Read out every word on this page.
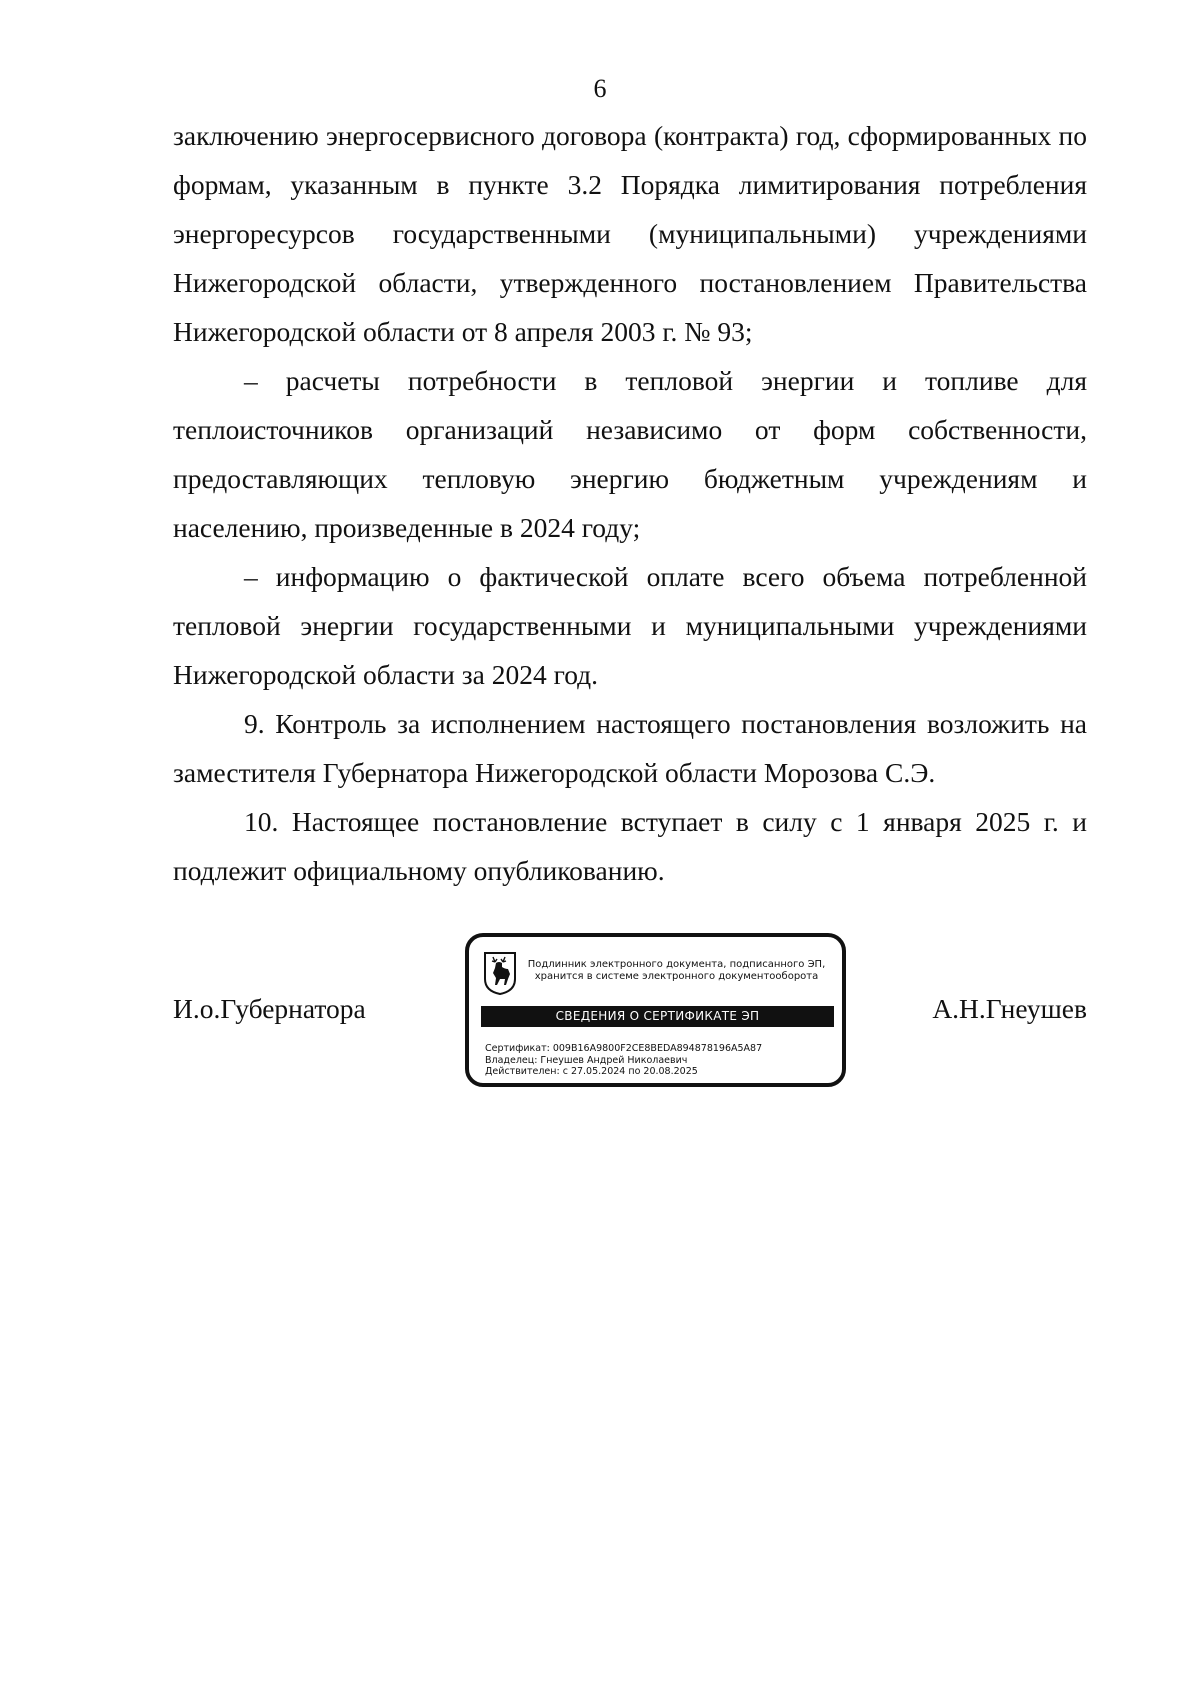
6

заключению энергосервисного договора (контракта) год, сформированных по формам, указанным в пункте 3.2 Порядка лимитирования потребления энергоресурсов государственными (муниципальными) учреждениями Нижегородской области, утвержденного постановлением Правительства Нижегородской области от 8 апреля 2003 г. № 93;

– расчеты потребности в тепловой энергии и топливе для теплоисточников организаций независимо от форм собственности, предоставляющих тепловую энергию бюджетным учреждениям и населению, произведенные в 2024 году;

– информацию о фактической оплате всего объема потребленной тепловой энергии государственными и муниципальными учреждениями Нижегородской области за 2024 год.

9. Контроль за исполнением настоящего постановления возложить на заместителя Губернатора Нижегородской области Морозова С.Э.

10. Настоящее постановление вступает в силу с 1 января 2025 г. и подлежит официальному опубликованию.

И.о.Губернатора
Подлинник электронного документа, подписанного ЭП,
хранится в системе электронного документооборота
СВЕДЕНИЯ О СЕРТИФИКАТЕ ЭП
Сертификат: 009B16A9800F2CE8BEDA894878196A5A87
Владелец: Гнеушев Андрей Николаевич
Действителен: с 27.05.2024 по 20.08.2025
А.Н.Гнеушев
